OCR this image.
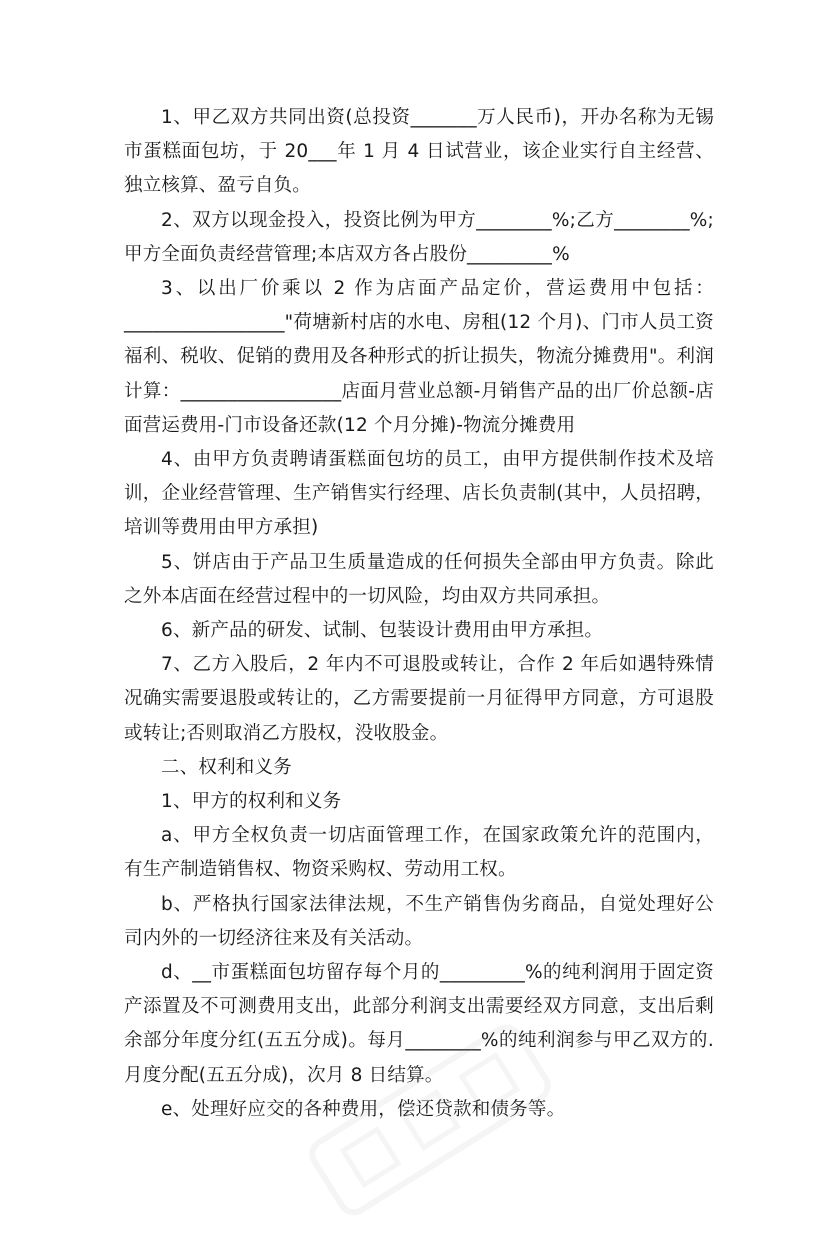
1、甲乙双方共同出资(总投资_______万人民币)，开办名称为无锡市蛋糕面包坊，于 20___年 1 月 4 日试营业，该企业实行自主经营、独立核算、盈亏自负。

2、双方以现金投入，投资比例为甲方________%;乙方________%;甲方全面负责经营管理;本店双方各占股份_________%

3、以出厂价乘以 2 作为店面产品定价，营运费用中包括：_________________"荷塘新村店的水电、房租(12 个月)、门市人员工资福利、税收、促销的费用及各种形式的折让损失，物流分摊费用"。利润计算：_________________店面月营业总额-月销售产品的出厂价总额-店面营运费用-门市设备还款(12 个月分摊)-物流分摊费用

4、由甲方负责聘请蛋糕面包坊的员工，由甲方提供制作技术及培训，企业经营管理、生产销售实行经理、店长负责制(其中，人员招聘，培训等费用由甲方承担)

5、饼店由于产品卫生质量造成的任何损失全部由甲方负责。除此之外本店面在经营过程中的一切风险，均由双方共同承担。

6、新产品的研发、试制、包装设计费用由甲方承担。

7、乙方入股后，2 年内不可退股或转让，合作 2 年后如遇特殊情况确实需要退股或转让的，乙方需要提前一月征得甲方同意，方可退股或转让;否则取消乙方股权，没收股金。

二、权利和义务

1、甲方的权利和义务

a、甲方全权负责一切店面管理工作，在国家政策允许的范围内，有生产制造销售权、物资采购权、劳动用工权。

b、严格执行国家法律法规，不生产销售伪劣商品，自觉处理好公司内外的一切经济往来及有关活动。

d、__市蛋糕面包坊留存每个月的_________%的纯利润用于固定资产添置及不可测费用支出，此部分利润支出需要经双方同意，支出后剩余部分年度分红(五五分成)。每月________%的纯利润参与甲乙双方的.月度分配(五五分成)，次月 8 日结算。

e、处理好应交的各种费用，偿还贷款和债务等。
